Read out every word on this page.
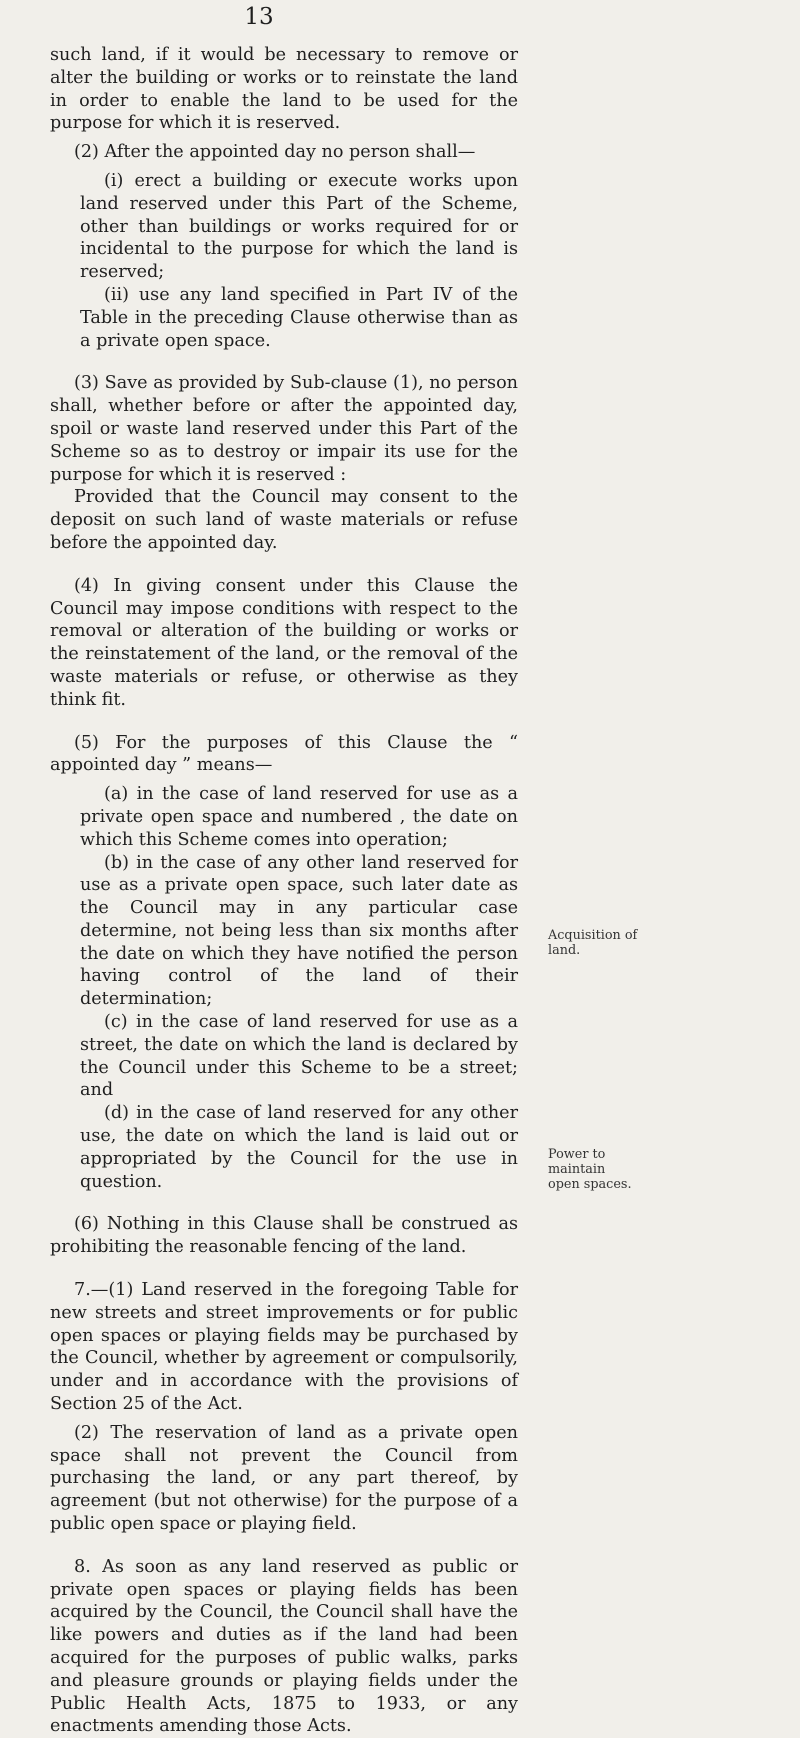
13

such land, if it would be necessary to remove or alter the building or works or to reinstate the land in order to enable the land to be used for the purpose for which it is reserved.

(2) After the appointed day no person shall—

(i) erect a building or execute works upon land reserved under this Part of the Scheme, other than buildings or works required for or incidental to the purpose for which the land is reserved;

(ii) use any land specified in Part IV of the Table in the preceding Clause otherwise than as a private open space.

(3) Save as provided by Sub-clause (1), no person shall, whether before or after the appointed day, spoil or waste land reserved under this Part of the Scheme so as to destroy or impair its use for the purpose for which it is reserved :

Provided that the Council may consent to the deposit on such land of waste materials or refuse before the appointed day.

(4) In giving consent under this Clause the Council may impose conditions with respect to the removal or alteration of the building or works or the reinstatement of the land, or the removal of the waste materials or refuse, or otherwise as they think fit.

(5) For the purposes of this Clause the “ appointed day ” means—

(a) in the case of land reserved for use as a private open space and numbered , the date on which this Scheme comes into operation;

(b) in the case of any other land reserved for use as a private open space, such later date as the Council may in any particular case determine, not being less than six months after the date on which they have notified the person having control of the land of their determination;

(c) in the case of land reserved for use as a street, the date on which the land is declared by the Council under this Scheme to be a street; and

(d) in the case of land reserved for any other use, the date on which the land is laid out or appropriated by the Council for the use in question.

(6) Nothing in this Clause shall be construed as prohibiting the reasonable fencing of the land.

7.—(1) Land reserved in the foregoing Table for new streets and street improvements or for public open spaces or playing fields may be purchased by the Council, whether by agreement or compulsorily, under and in accordance with the provisions of Section 25 of the Act.

(2) The reservation of land as a private open space shall not prevent the Council from purchasing the land, or any part thereof, by agreement (but not otherwise) for the purpose of a public open space or playing field.

8. As soon as any land reserved as public or private open spaces or playing fields has been acquired by the Council, the Council shall have the like powers and duties as if the land had been acquired for the purposes of public walks, parks and pleasure grounds or playing fields under the Public Health Acts, 1875 to 1933, or any enactments amending those Acts.

Acquisition of land.
Power to maintain open spaces.
